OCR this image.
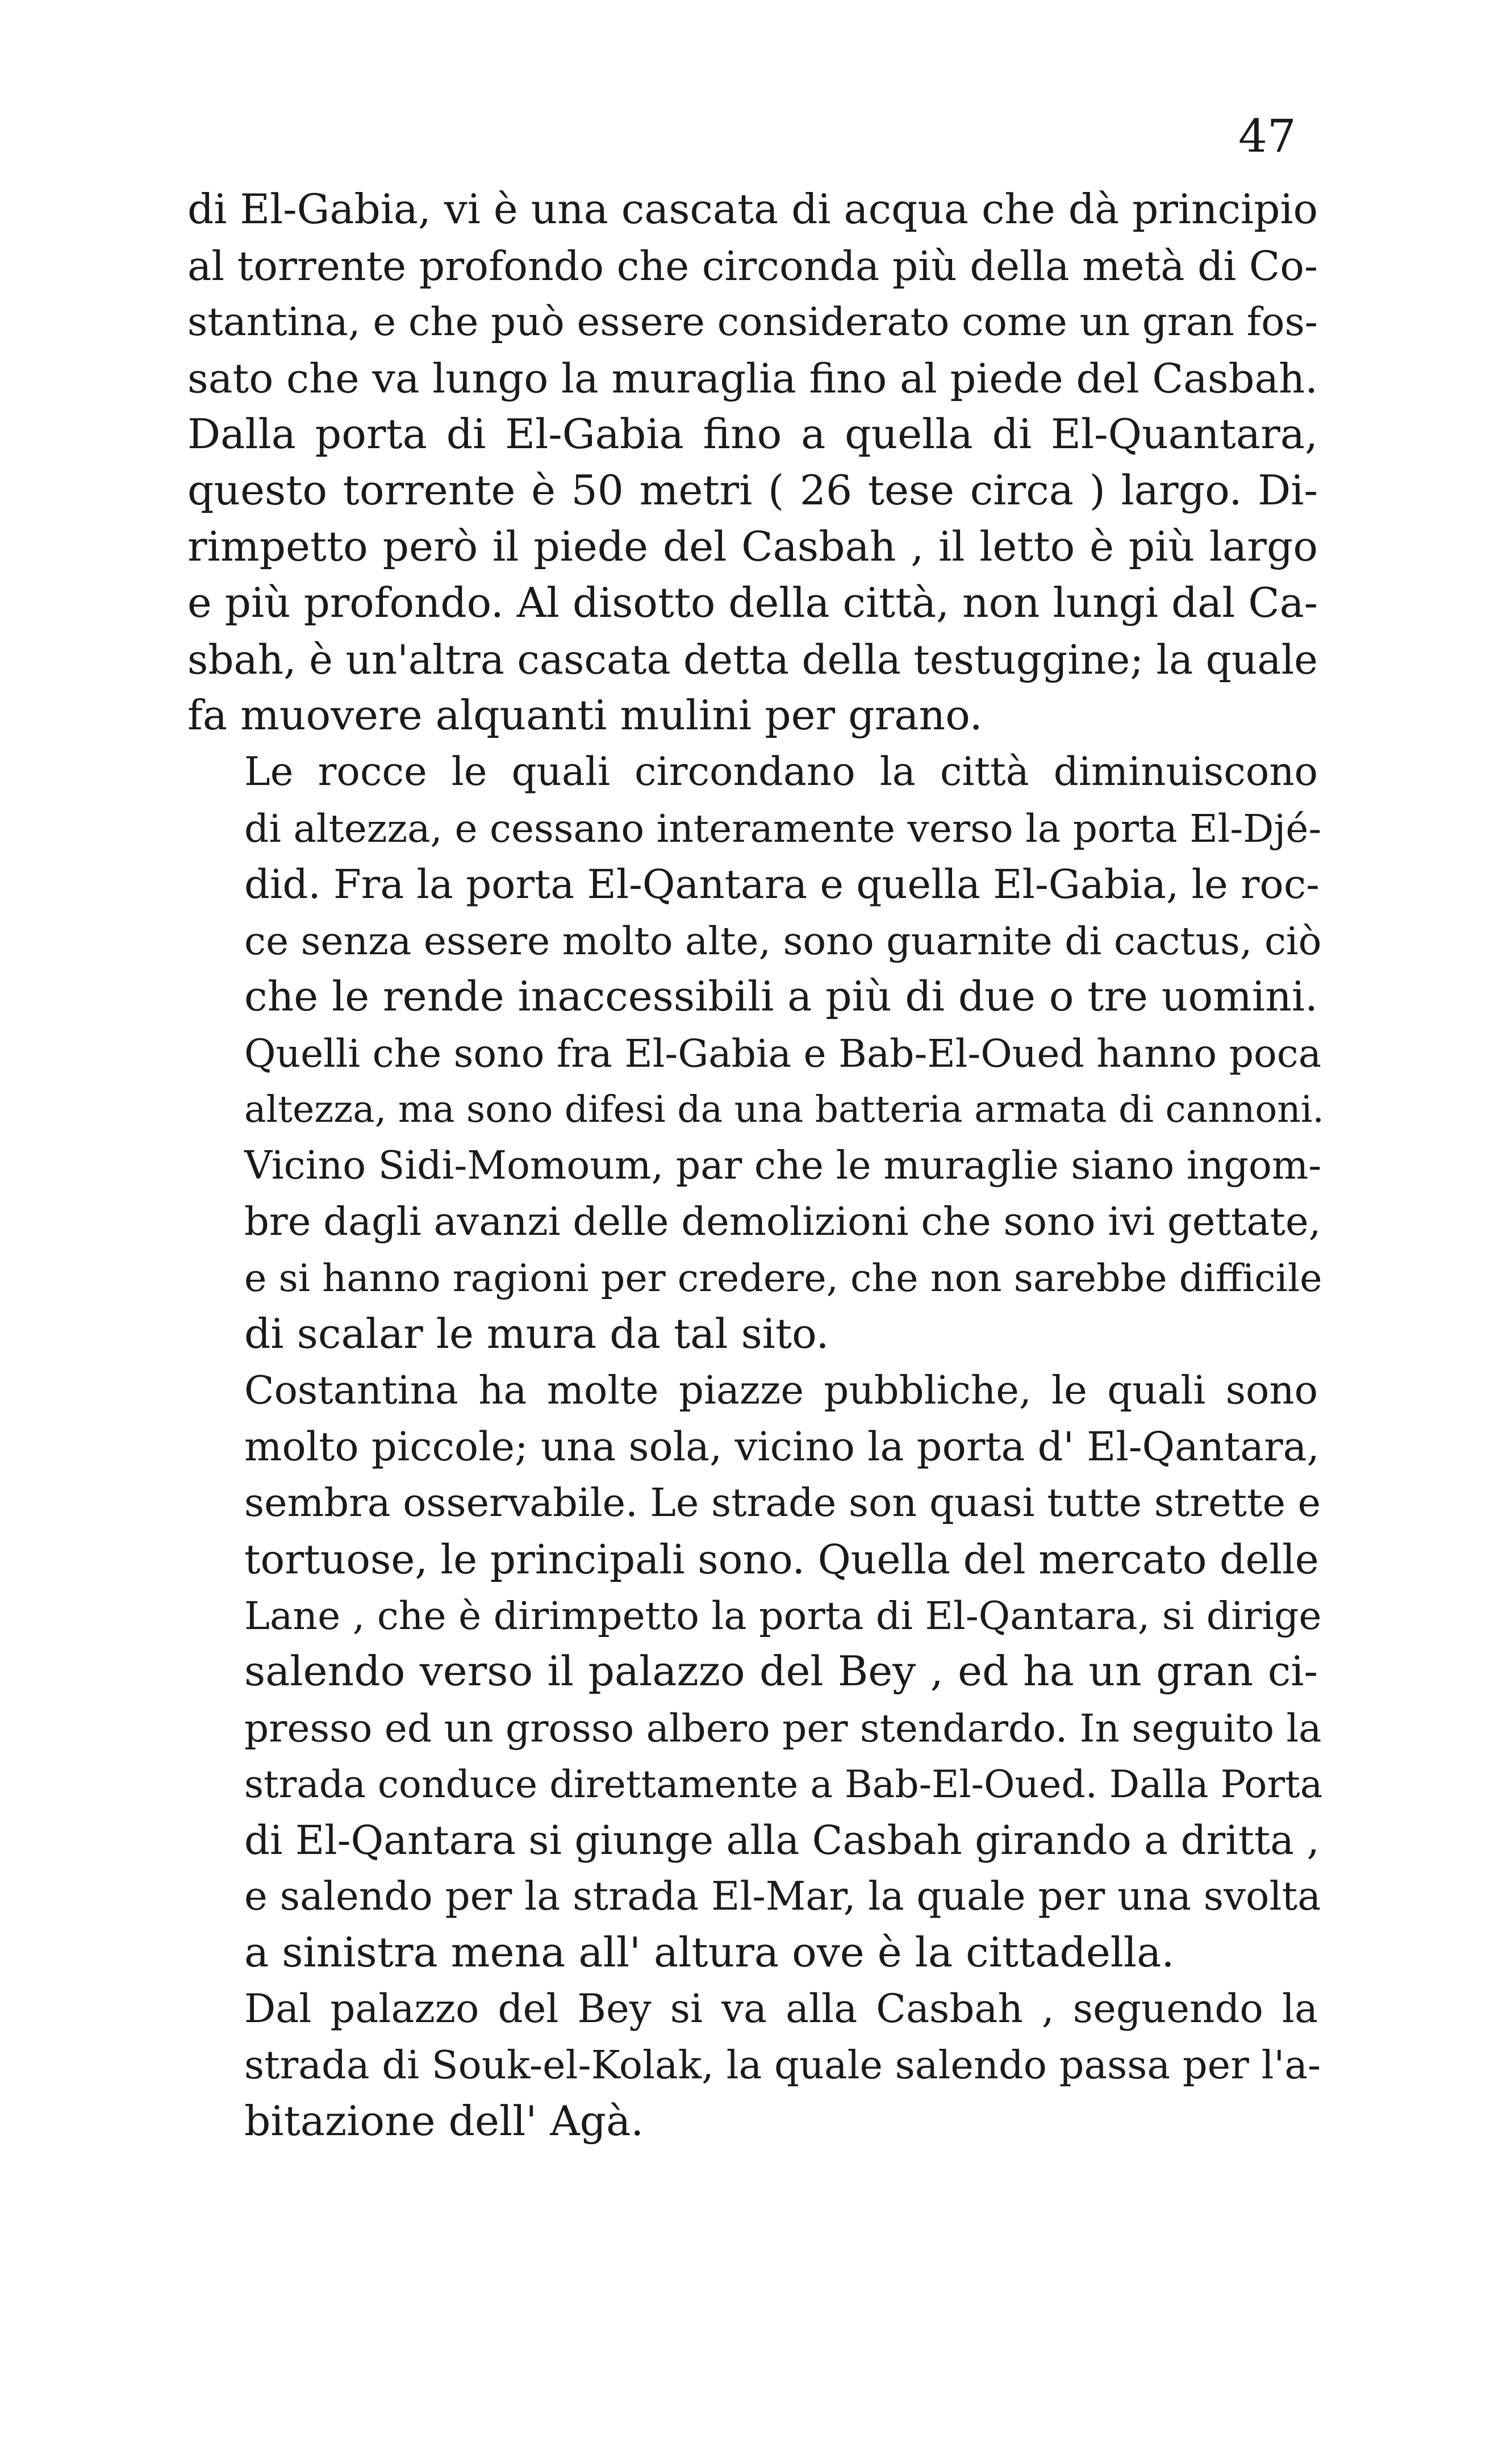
47

di El-Gabia, vi è una cascata di acqua che dà principio
al torrente profondo che circonda più della metà di Co-
stantina, e che può essere considerato come un gran fos-
sato che va lungo la muraglia fino al piede del Casbah.
Dalla porta di El-Gabia fino a quella di El-Quantara,
questo torrente è 50 metri ( 26 tese circa ) largo. Di-
rimpetto però il piede del Casbah , il letto è più largo
e più profondo. Al disotto della città, non lungi dal Ca-
sbah, è un'altra cascata detta della testuggine; la quale
fa muovere alquanti mulini per grano.

Le rocce le quali circondano la città diminuiscono
di altezza, e cessano interamente verso la porta El-Djé-
did. Fra la porta El-Qantara e quella El-Gabia, le roc-
ce senza essere molto alte, sono guarnite di cactus, ciò
che le rende inaccessibili a più di due o tre uomini.
Quelli che sono fra El-Gabia e Bab-El-Oued hanno poca
altezza, ma sono difesi da una batteria armata di cannoni.
Vicino Sidi-Momoum, par che le muraglie siano ingom-
bre dagli avanzi delle demolizioni che sono ivi gettate,
e si hanno ragioni per credere, che non sarebbe difficile
di scalar le mura da tal sito.

Costantina ha molte piazze pubbliche, le quali sono
molto piccole; una sola, vicino la porta d' El-Qantara,
sembra osservabile. Le strade son quasi tutte strette e
tortuose, le principali sono. Quella del mercato delle
Lane , che è dirimpetto la porta di El-Qantara, si dirige
salendo verso il palazzo del Bey , ed ha un gran ci-
presso ed un grosso albero per stendardo. In seguito la
strada conduce direttamente a Bab-El-Oued. Dalla Porta
di El-Qantara si giunge alla Casbah girando a dritta ,
e salendo per la strada El-Mar, la quale per una svolta
a sinistra mena all' altura ove è la cittadella.

Dal palazzo del Bey si va alla Casbah , seguendo la
strada di Souk-el-Kolak, la quale salendo passa per l'a-
bitazione dell' Agà.
